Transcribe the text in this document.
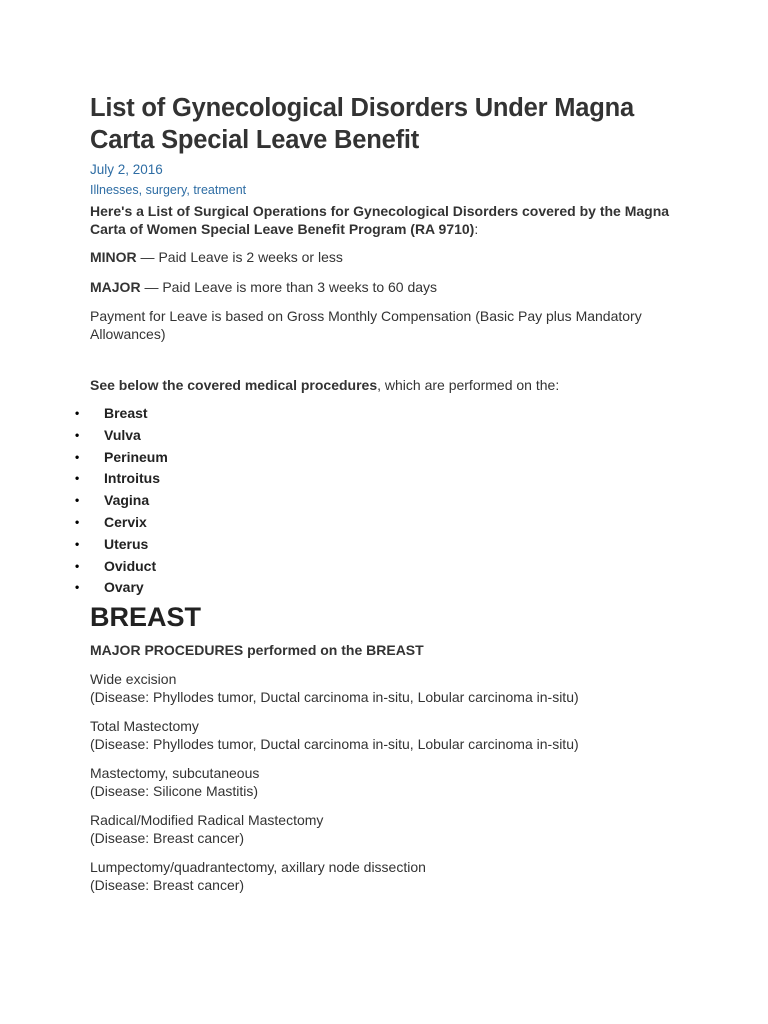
List of Gynecological Disorders Under Magna Carta Special Leave Benefit
July 2, 2016
Illnesses, surgery, treatment

Here's a List of Surgical Operations for Gynecological Disorders covered by the Magna Carta of Women Special Leave Benefit Program (RA 9710):

MINOR — Paid Leave is 2 weeks or less

MAJOR — Paid Leave is more than 3 weeks to 60 days

Payment for Leave is based on Gross Monthly Compensation (Basic Pay plus Mandatory Allowances)

See below the covered medical procedures, which are performed on the:

• Breast
• Vulva
• Perineum
• Introitus
• Vagina
• Cervix
• Uterus
• Oviduct
• Ovary
BREAST
MAJOR PROCEDURES performed on the BREAST
Wide excision
(Disease: Phyllodes tumor, Ductal carcinoma in-situ, Lobular carcinoma in-situ)
Total Mastectomy
(Disease: Phyllodes tumor, Ductal carcinoma in-situ, Lobular carcinoma in-situ)
Mastectomy, subcutaneous
(Disease: Silicone Mastitis)
Radical/Modified Radical Mastectomy
(Disease: Breast cancer)
Lumpectomy/quadrantectomy, axillary node dissection
(Disease: Breast cancer)
